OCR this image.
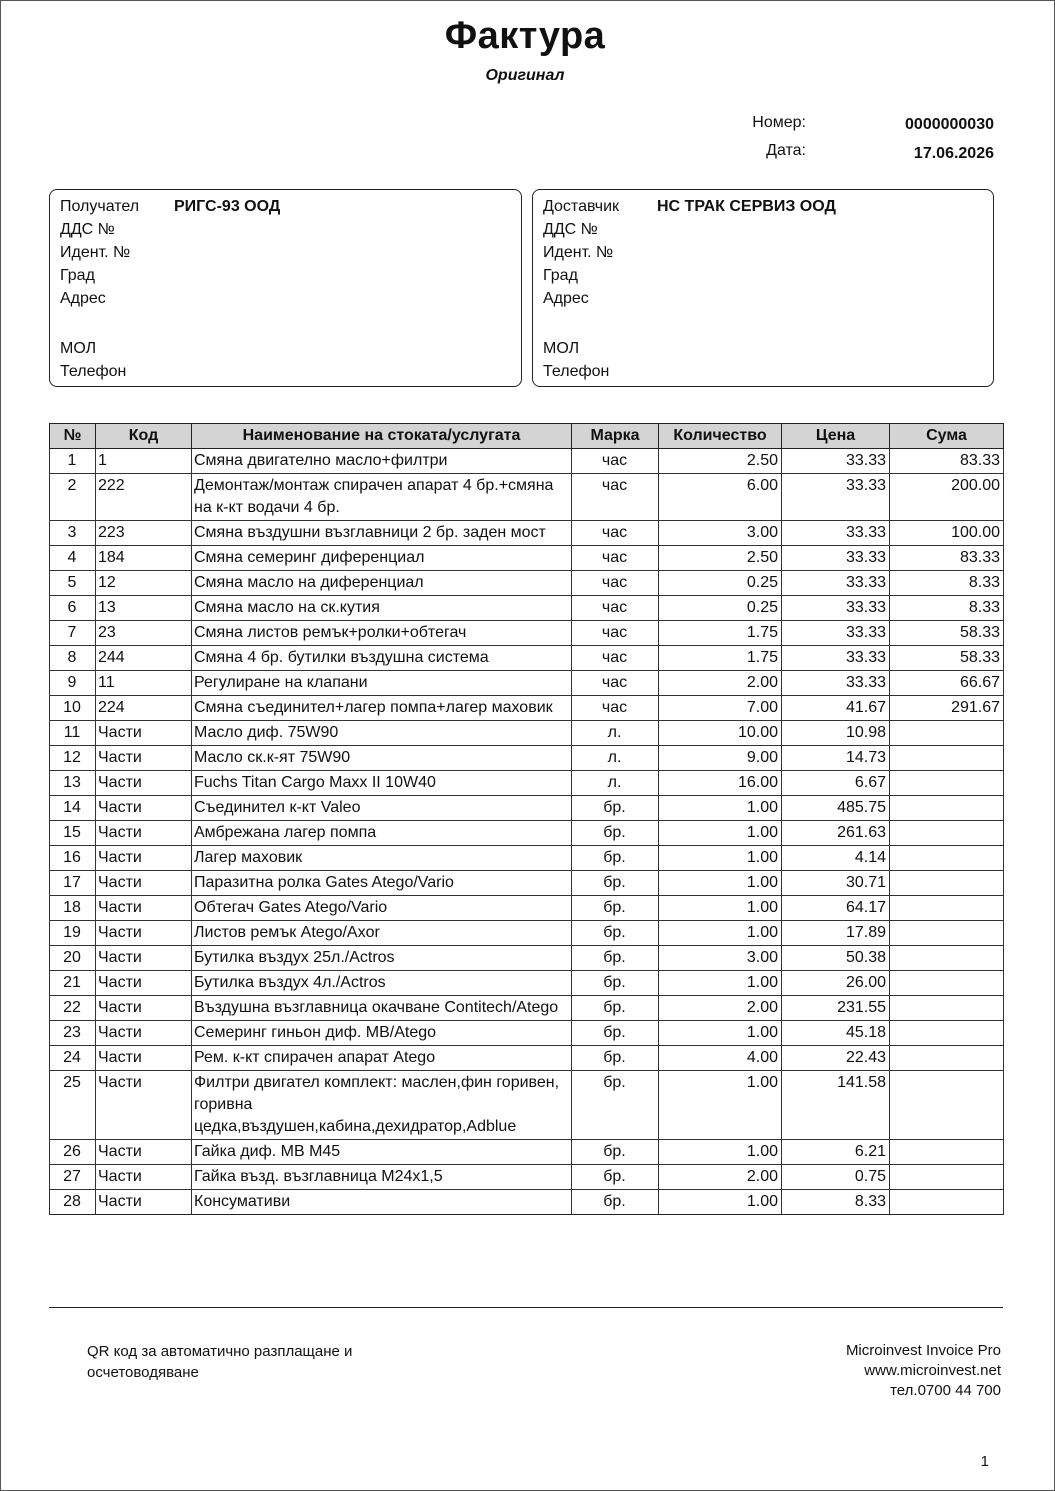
Фактура
Оригинал
Номер:	0000000030
Дата:	17.06.2026
Получател РИГС-93 ООД
ДДС №
Идент. №
Град
Адрес
МОЛ
Телефон
Доставчик НС ТРАК СЕРВИЗ ООД
ДДС №
Идент. №
Град
Адрес
МОЛ
Телефон
№	Код	Наименование на стоката/услугата	Марка	Количество	Цена	Сума
1	1	Смяна двигателно масло+филтри	час	2.50	33.33	83.33
2	222	Демонтаж/монтаж спирачен апарат 4 бр.+смяна на к-кт водачи 4 бр.	час	6.00	33.33	200.00
3	223	Смяна въздушни възглавници 2 бр. заден мост	час	3.00	33.33	100.00
4	184	Смяна семеринг диференциал	час	2.50	33.33	83.33
5	12	Смяна масло на диференциал	час	0.25	33.33	8.33
6	13	Смяна масло на ск.кутия	час	0.25	33.33	8.33
7	23	Смяна листов ремък+ролки+обтегач	час	1.75	33.33	58.33
8	244	Смяна 4 бр. бутилки въздушна система	час	1.75	33.33	58.33
9	11	Регулиране на клапани	час	2.00	33.33	66.67
10	224	Смяна съединител+лагер помпа+лагер маховик	час	7.00	41.67	291.67
11	Части	Масло диф. 75W90	л.	10.00	10.98	
12	Части	Масло ск.к-ят 75W90	л.	9.00	14.73	
13	Части	Fuchs Titan Cargo Maxx II 10W40	л.	16.00	6.67	
14	Части	Съединител к-кт Valeo	бр.	1.00	485.75	
15	Части	Амбрежана лагер помпа	бр.	1.00	261.63	
16	Части	Лагер маховик	бр.	1.00	4.14	
17	Части	Паразитна ролка Gates Atego/Vario	бр.	1.00	30.71	
18	Части	Обтегач Gates Atego/Vario	бр.	1.00	64.17	
19	Части	Листов ремък Atego/Axor	бр.	1.00	17.89	
20	Части	Бутилка въздух 25л./Actros	бр.	3.00	50.38	
21	Части	Бутилка въздух 4л./Actros	бр.	1.00	26.00	
22	Части	Въздушна възглавница окачване Contitech/Atego	бр.	2.00	231.55	
23	Части	Семеринг гиньон диф. MB/Atego	бр.	1.00	45.18	
24	Части	Рем. к-кт спирачен апарат Atego	бр.	4.00	22.43	
25	Части	Филтри двигател комплект: маслен,фин горивен, горивна цедка,въздушен,кабина,дехидратор,Adblue	бр.	1.00	141.58	
26	Части	Гайка диф. MB M45	бр.	1.00	6.21	
27	Части	Гайка възд. възглавница M24x1,5	бр.	2.00	0.75	
28	Части	Консумативи	бр.	1.00	8.33	
QR код за автоматично разплащане и осчетоводяване
Microinvest Invoice Pro
www.microinvest.net
тел.0700 44 700
1
